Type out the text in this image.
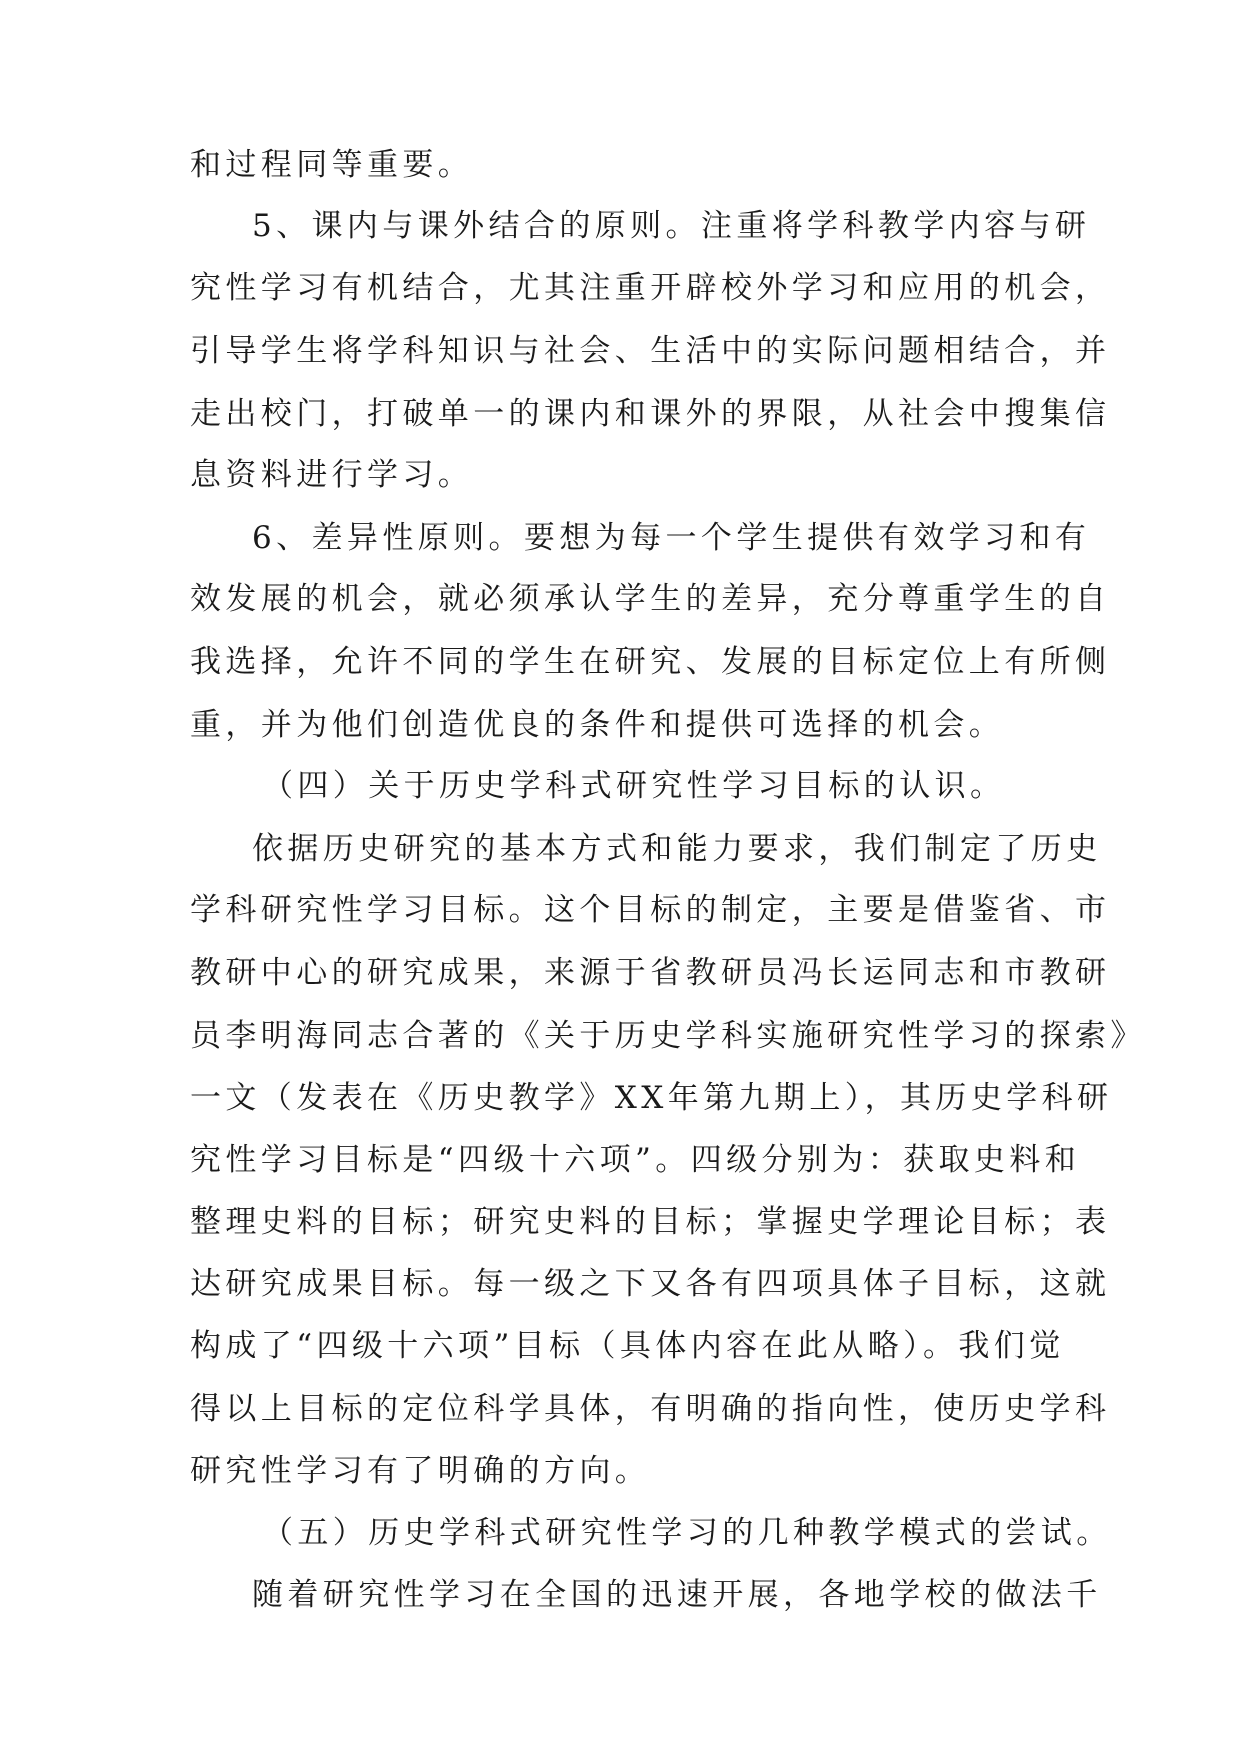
和过程同等重要。
5、课内与课外结合的原则。注重将学科教学内容与研
究性学习有机结合，尤其注重开辟校外学习和应用的机会，
引导学生将学科知识与社会、生活中的实际问题相结合，并
走出校门，打破单一的课内和课外的界限，从社会中搜集信
息资料进行学习。
6、差异性原则。要想为每一个学生提供有效学习和有
效发展的机会，就必须承认学生的差异，充分尊重学生的自
我选择，允许不同的学生在研究、发展的目标定位上有所侧
重，并为他们创造优良的条件和提供可选择的机会。
（四）关于历史学科式研究性学习目标的认识。
依据历史研究的基本方式和能力要求，我们制定了历史
学科研究性学习目标。这个目标的制定，主要是借鉴省、市
教研中心的研究成果，来源于省教研员冯长运同志和市教研
员李明海同志合著的《关于历史学科实施研究性学习的探索》
一文（发表在《历史教学》XX年第九期上），其历史学科研
究性学习目标是“四级十六项”。四级分别为：获取史料和
整理史料的目标；研究史料的目标；掌握史学理论目标；表
达研究成果目标。每一级之下又各有四项具体子目标，这就
构成了“四级十六项”目标（具体内容在此从略）。我们觉
得以上目标的定位科学具体，有明确的指向性，使历史学科
研究性学习有了明确的方向。
（五）历史学科式研究性学习的几种教学模式的尝试。
随着研究性学习在全国的迅速开展，各地学校的做法千
